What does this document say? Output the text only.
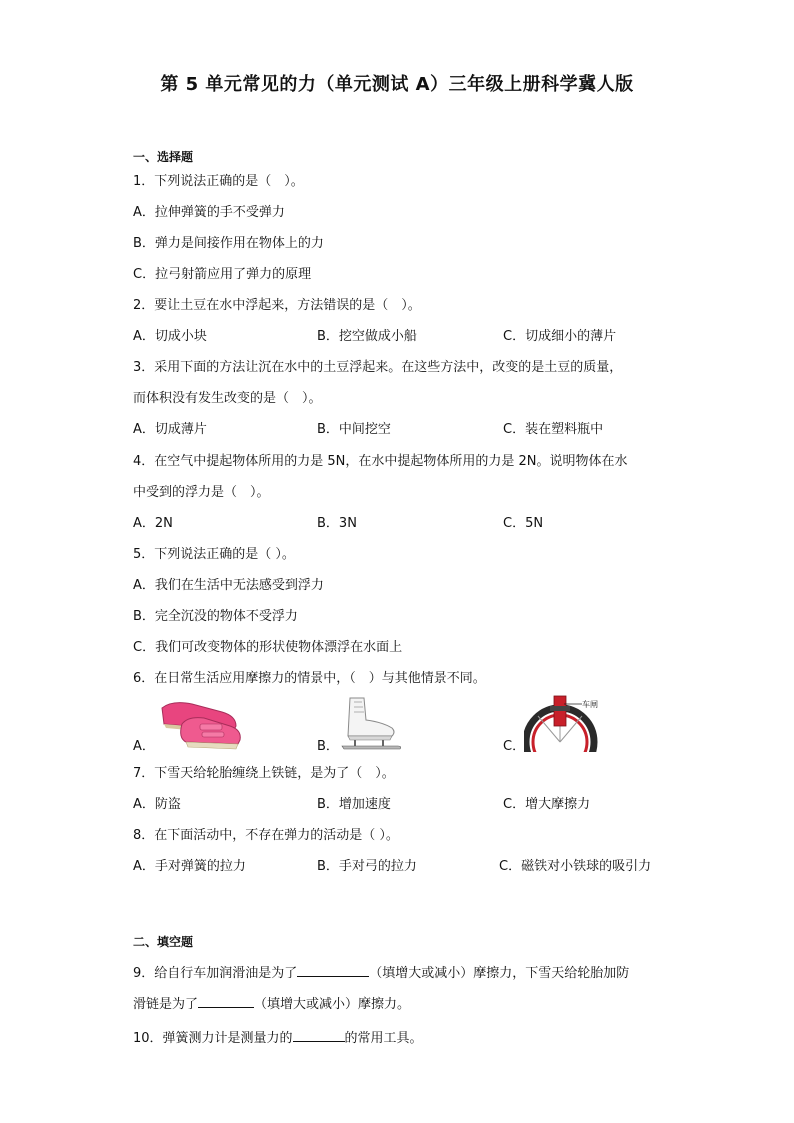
第 5 单元常见的力（单元测试 A）三年级上册科学冀人版
一、选择题
1．下列说法正确的是（　）。
A．拉伸弹簧的手不受弹力
B．弹力是间接作用在物体上的力
C．拉弓射箭应用了弹力的原理
2．要让土豆在水中浮起来，方法错误的是（　）。
A．切成小块	B．挖空做成小船	C．切成细小的薄片
3．采用下面的方法让沉在水中的土豆浮起来。在这些方法中，改变的是土豆的质量，
而体积没有发生改变的是（　）。
A．切成薄片	B．中间挖空	C．装在塑料瓶中
4．在空气中提起物体所用的力是 5N，在水中提起物体所用的力是 2N。说明物体在水
中受到的浮力是（　）。
A．2N	B．3N	C．5N
5．下列说法正确的是（ ）。
A．我们在生活中无法感受到浮力
B．完全沉没的物体不受浮力
C．我们可改变物体的形状使物体漂浮在水面上
6．在日常生活应用摩擦力的情景中，（　）与其他情景不同。
A．	B．	C．
车闸
7．下雪天给轮胎缠绕上铁链，是为了（　）。
A．防盗	B．增加速度	C．增大摩擦力
8．在下面活动中，不存在弹力的活动是（ ）。
A．手对弹簧的拉力	B．手对弓的拉力	C．磁铁对小铁球的吸引力
二、填空题
9．给自行车加润滑油是为了	（填增大或减小）摩擦力，下雪天给轮胎加防
滑链是为了	（填增大或减小）摩擦力。
10．弹簧测力计是测量力的	的常用工具。
